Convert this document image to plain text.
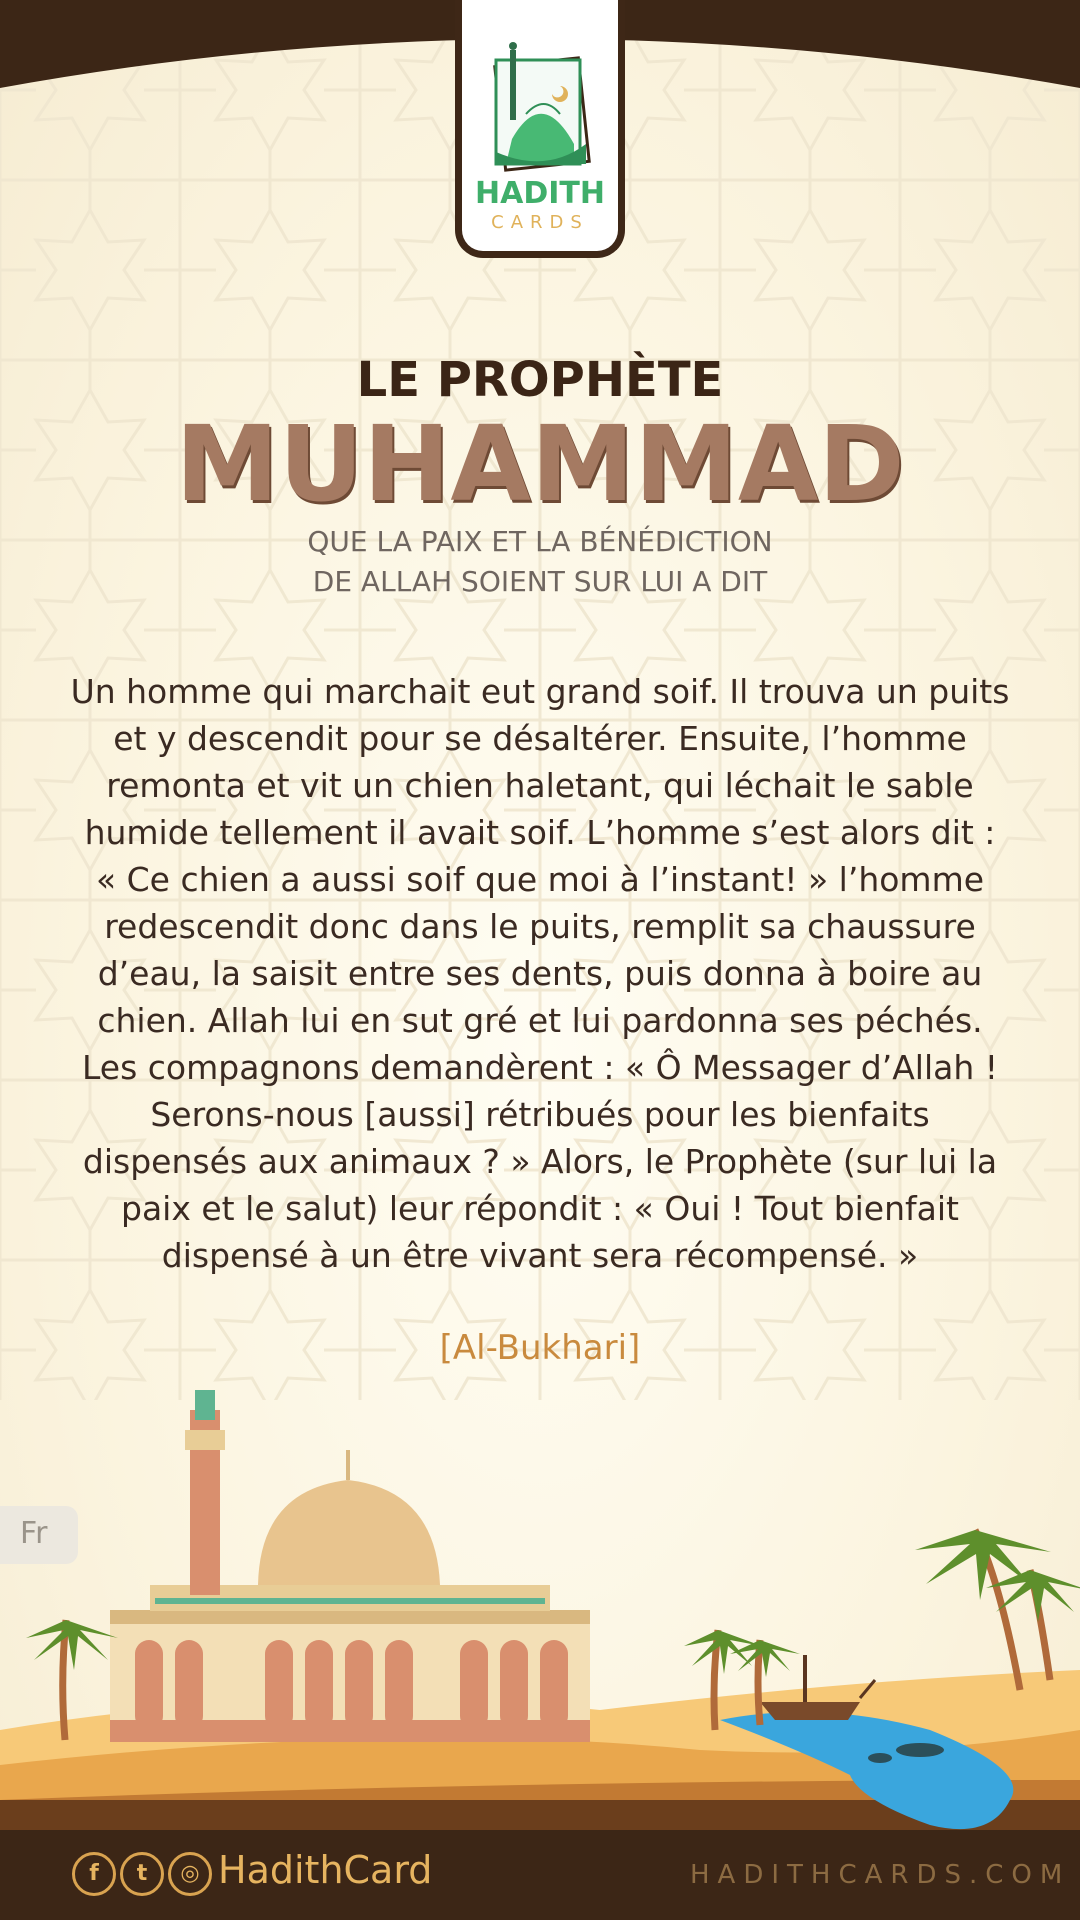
HADITH
CARDS
LE PROPHÈTE
MUHAMMAD
QUE LA PAIX ET LA BÉNÉDICTION
DE ALLAH SOIENT SUR LUI A DIT
Un homme qui marchait eut grand soif. Il trouva un puits et y descendit pour se désaltérer. Ensuite, l’homme remonta et vit un chien haletant, qui léchait le sable humide tellement il avait soif. L’homme s’est alors dit : « Ce chien a aussi soif que moi à l’instant! » l’homme redescendit donc dans le puits, remplit sa chaussure d’eau, la saisit entre ses dents, puis donna à boire au chien. Allah lui en sut gré et lui pardonna ses péchés. Les compagnons demandèrent : « Ô Messager d’Allah ! Serons-nous [aussi] rétribués pour les bienfaits dispensés aux animaux ? » Alors, le Prophète (sur lui la paix et le salut) leur répondit : « Oui ! Tout bienfait dispensé à un être vivant sera récompensé. »
[Al-Bukhari]
Fr
f	t	◎ HadithCard	HADITHCARDS.COM
